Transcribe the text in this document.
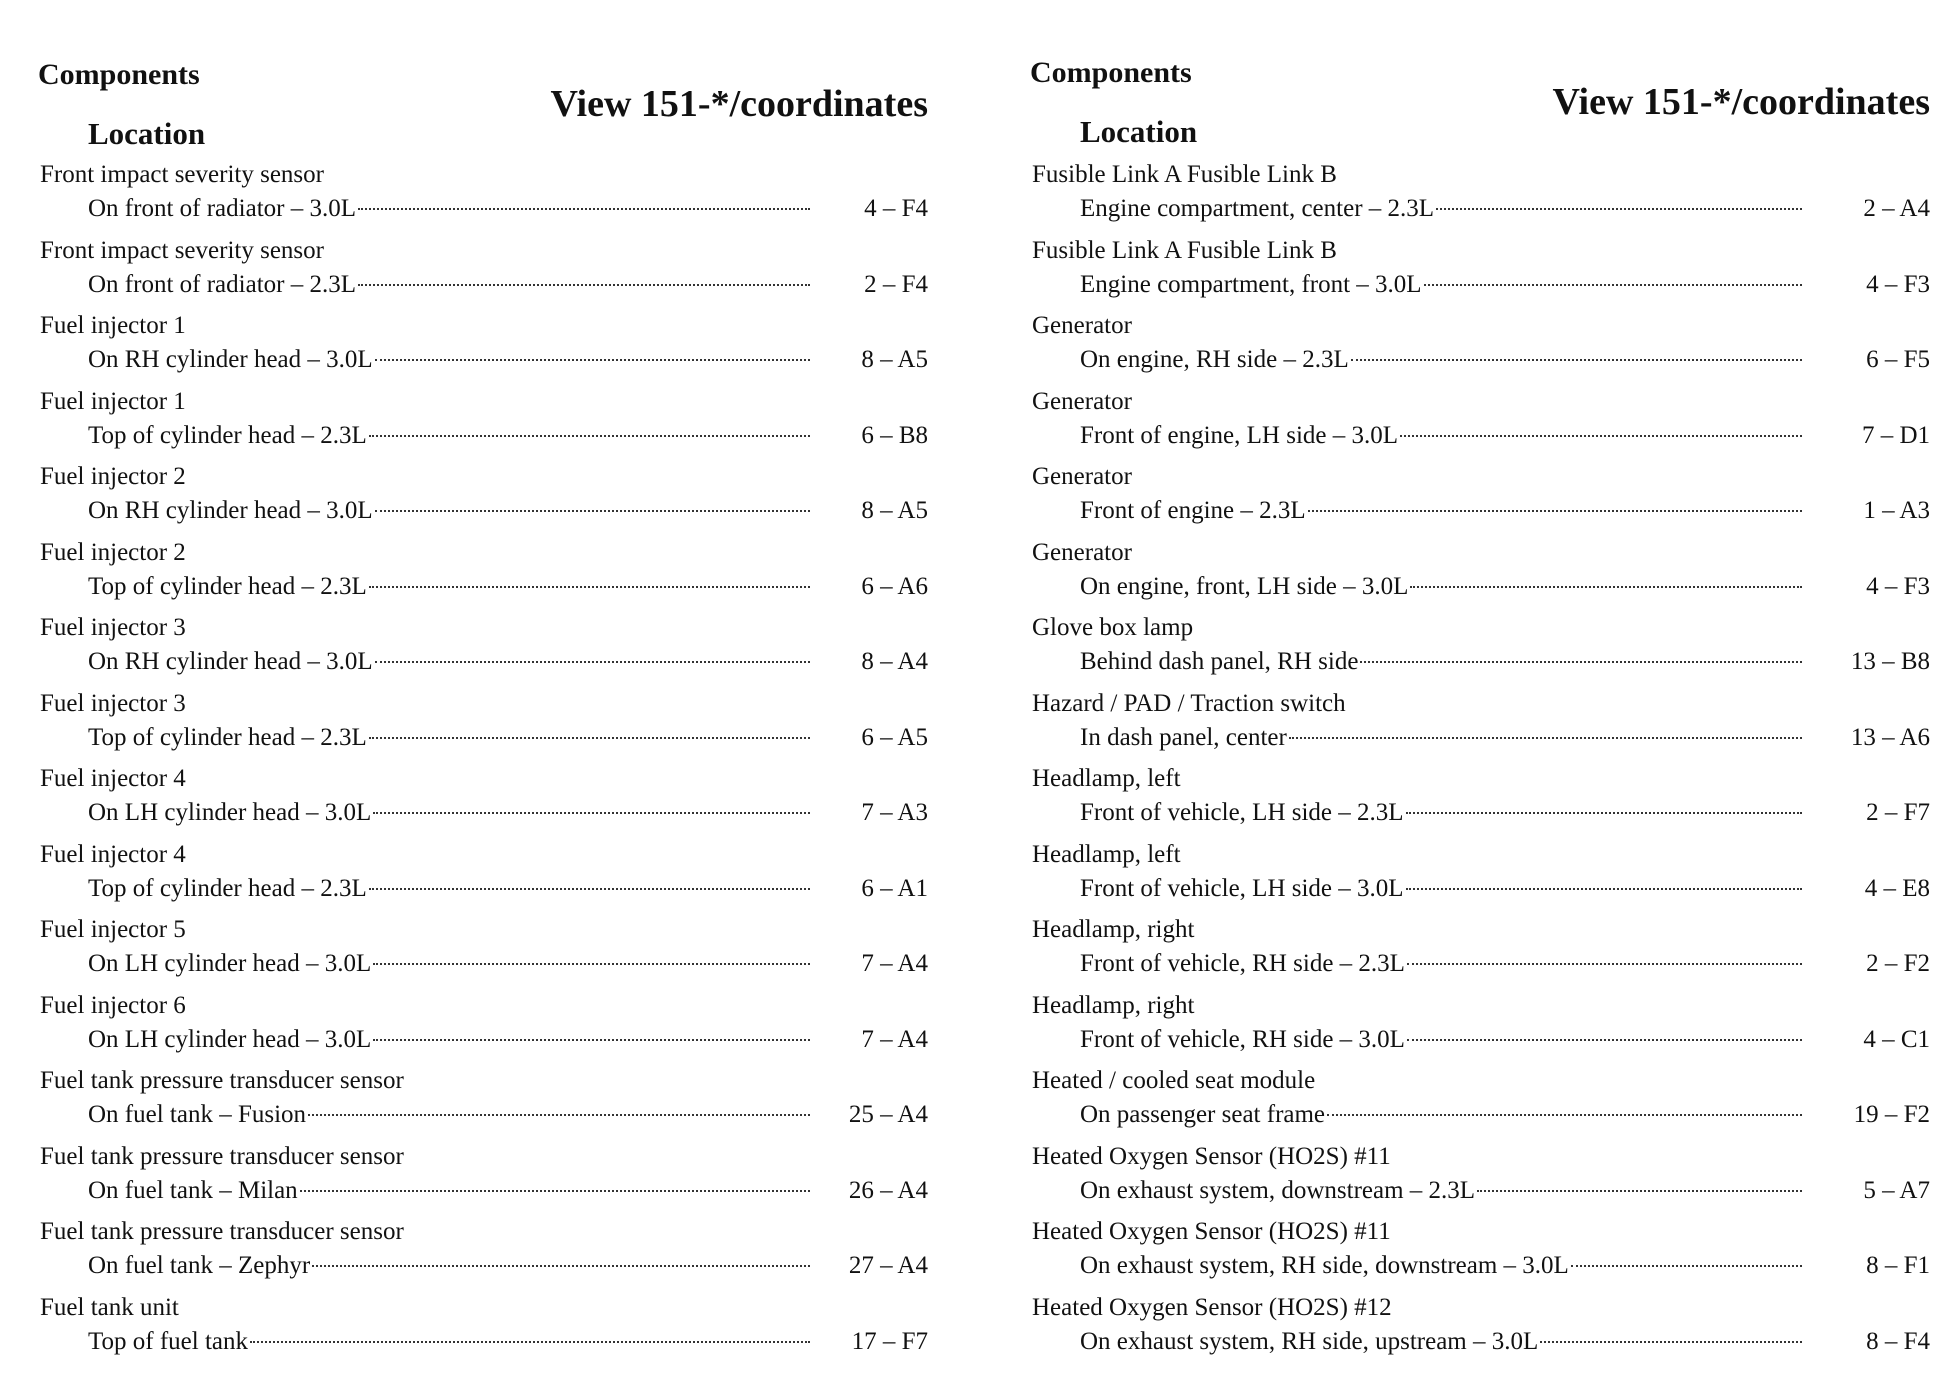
Components
Location
View 151-*/coordinates
Front impact severity sensor
On front of radiator – 3.0L	4 – F4
Front impact severity sensor
On front of radiator – 2.3L	2 – F4
Fuel injector 1
On RH cylinder head – 3.0L	8 – A5
Fuel injector 1
Top of cylinder head – 2.3L	6 – B8
Fuel injector 2
On RH cylinder head – 3.0L	8 – A5
Fuel injector 2
Top of cylinder head – 2.3L	6 – A6
Fuel injector 3
On RH cylinder head – 3.0L	8 – A4
Fuel injector 3
Top of cylinder head – 2.3L	6 – A5
Fuel injector 4
On LH cylinder head – 3.0L	7 – A3
Fuel injector 4
Top of cylinder head – 2.3L	6 – A1
Fuel injector 5
On LH cylinder head – 3.0L	7 – A4
Fuel injector 6
On LH cylinder head – 3.0L	7 – A4
Fuel tank pressure transducer sensor
On fuel tank – Fusion	25 – A4
Fuel tank pressure transducer sensor
On fuel tank – Milan	26 – A4
Fuel tank pressure transducer sensor
On fuel tank – Zephyr	27 – A4
Fuel tank unit
Top of fuel tank	17 – F7
Components
Location
View 151-*/coordinates
Fusible Link A Fusible Link B
Engine compartment, center – 2.3L	2 – A4
Fusible Link A Fusible Link B
Engine compartment, front – 3.0L	4 – F3
Generator
On engine, RH side – 2.3L	6 – F5
Generator
Front of engine, LH side – 3.0L	7 – D1
Generator
Front of engine – 2.3L	1 – A3
Generator
On engine, front, LH side – 3.0L	4 – F3
Glove box lamp
Behind dash panel, RH side	13 – B8
Hazard / PAD / Traction switch
In dash panel, center	13 – A6
Headlamp, left
Front of vehicle, LH side – 2.3L	2 – F7
Headlamp, left
Front of vehicle, LH side – 3.0L	4 – E8
Headlamp, right
Front of vehicle, RH side – 2.3L	2 – F2
Headlamp, right
Front of vehicle, RH side – 3.0L	4 – C1
Heated / cooled seat module
On passenger seat frame	19 – F2
Heated Oxygen Sensor (HO2S) #11
On exhaust system, downstream – 2.3L	5 – A7
Heated Oxygen Sensor (HO2S) #11
On exhaust system, RH side, downstream – 3.0L	8 – F1
Heated Oxygen Sensor (HO2S) #12
On exhaust system, RH side, upstream – 3.0L	8 – F4
